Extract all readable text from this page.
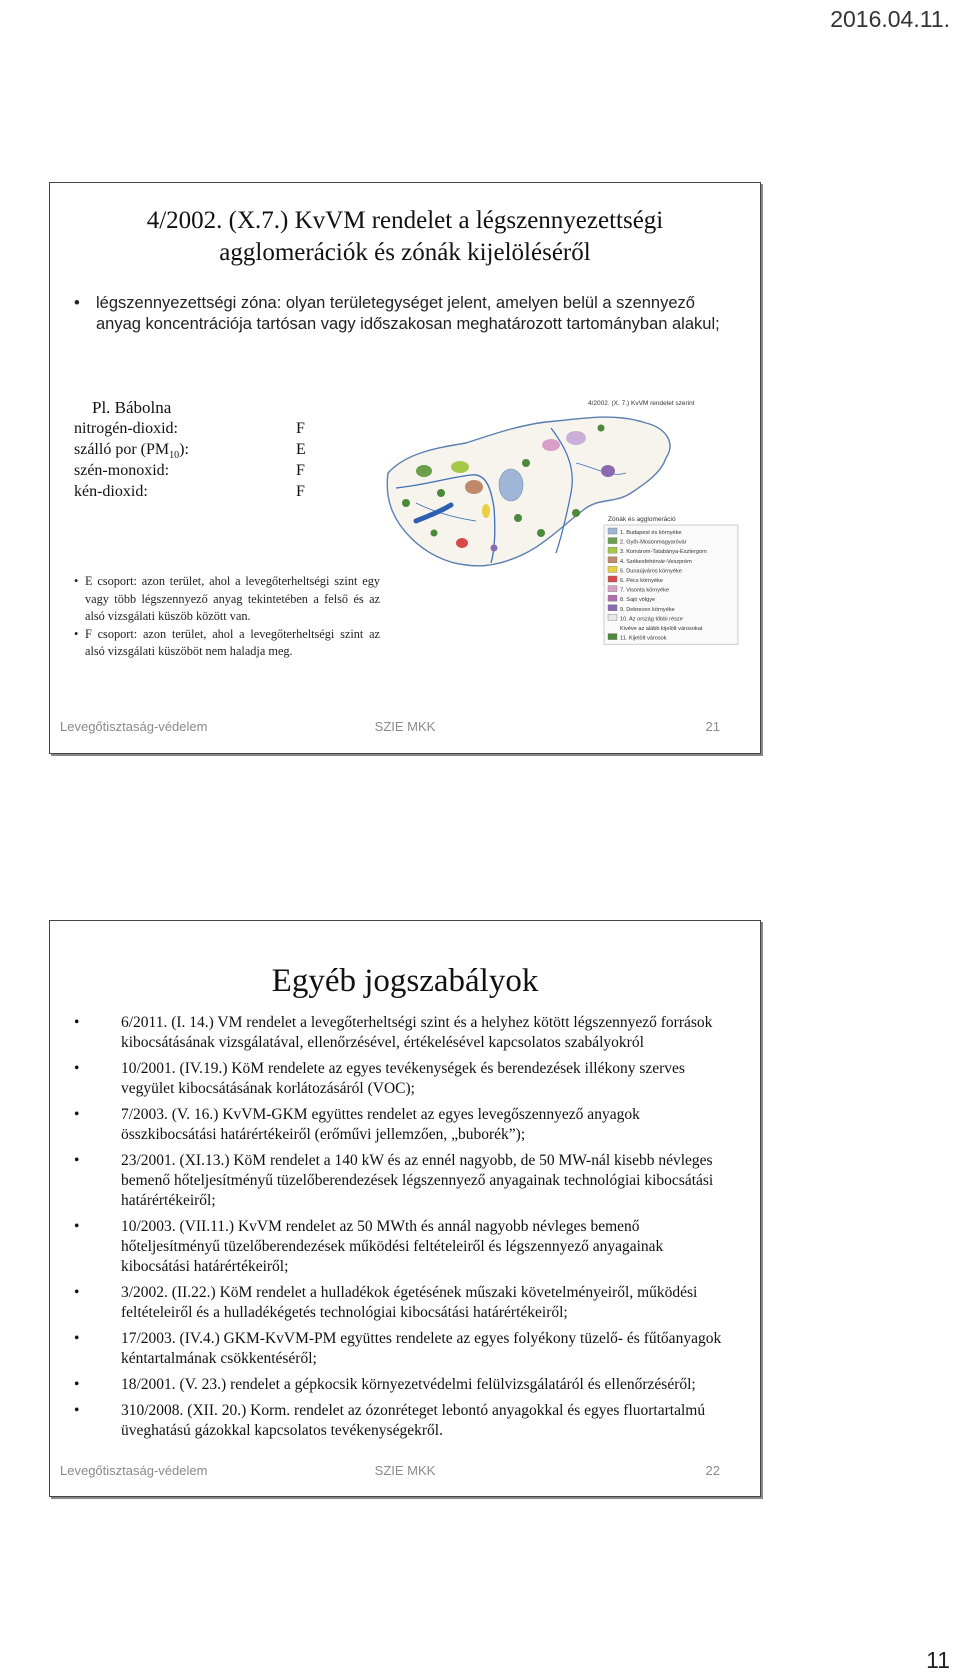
2016.04.11.
4/2002. (X.7.) KvVM rendelet a légszennyezettségi
agglomerációk és zónák kijelöléséről
• légszennyezettségi zóna: olyan területegységet jelent, amelyen belül a szennyező anyag koncentrációja tartósan vagy időszakosan meghatározott tartományban alakul;
Pl. Bábolna
nitrogén-dioxid:	F
szálló por $(PM_{10})$:	E
szén-monoxid:	F
kén-dioxid:	F
4/2002. (X. 7.) KvVM rendelet szerint
Zónák és agglomeráció
1. Budapest és környéke
2. Győr-Mosonmagyaróvár
3. Komárom-Tatabánya-Esztergom
4. Székesfehérvár-Veszprém
5. Dunaújváros környéke
6. Pécs környéke
7. Visonta környéke
8. Sajó völgye
9. Debrecen környéke
10. Az ország többi része
Kivéve az alább kijelölt városokat
11. Kijelölt városok
• E csoport: azon terület, ahol a levegőterheltségi szint egy vagy több légszennyező anyag tekintetében a felső és az alsó vizsgálati küszöb között van.
• F csoport: azon terület, ahol a levegőterheltségi szint az alsó vizsgálati küszöböt nem haladja meg.
Levegőtisztaság-védelem	SZIE MKK	21
Egyéb jogszabályok
•	6/2011. (I. 14.) VM rendelet a levegőterheltségi szint és a helyhez kötött légszennyező források kibocsátásának vizsgálatával, ellenőrzésével, értékelésével kapcsolatos szabályokról
•	10/2001. (IV.19.) KöM rendelete az egyes tevékenységek és berendezések illékony szerves vegyület kibocsátásának korlátozásáról (VOC);
•	7/2003. (V. 16.) KvVM-GKM együttes rendelet az egyes levegőszennyező anyagok összkibocsátási határértékeiről (erőművi jellemzően, „buborék”);
•	23/2001. (XI.13.) KöM rendelet a 140 kW és az ennél nagyobb, de 50 MW-nál kisebb névleges bemenő hőteljesítményű tüzelőberendezések légszennyező anyagainak technológiai kibocsátási határértékeiről;
•	10/2003. (VII.11.) KvVM rendelet az 50 MWth és annál nagyobb névleges bemenő hőteljesítményű tüzelőberendezések működési feltételeiről és légszennyező anyagainak kibocsátási határértékeiről;
•	3/2002. (II.22.) KöM rendelet a hulladékok égetésének műszaki követelményeiről, működési feltételeiről és a hulladékégetés technológiai kibocsátási határértékeiről;
•	17/2003. (IV.4.) GKM-KvVM-PM együttes rendelete az egyes folyékony tüzelő- és fűtőanyagok kéntartalmának csökkentéséről;
•	18/2001. (V. 23.) rendelet a gépkocsik környezetvédelmi felülvizsgálatáról és ellenőrzéséről;
•	310/2008. (XII. 20.) Korm. rendelet az ózonréteget lebontó anyagokkal és egyes fluortartalmú üveghatású gázokkal kapcsolatos tevékenységekről.
Levegőtisztaság-védelem	SZIE MKK	22
11
